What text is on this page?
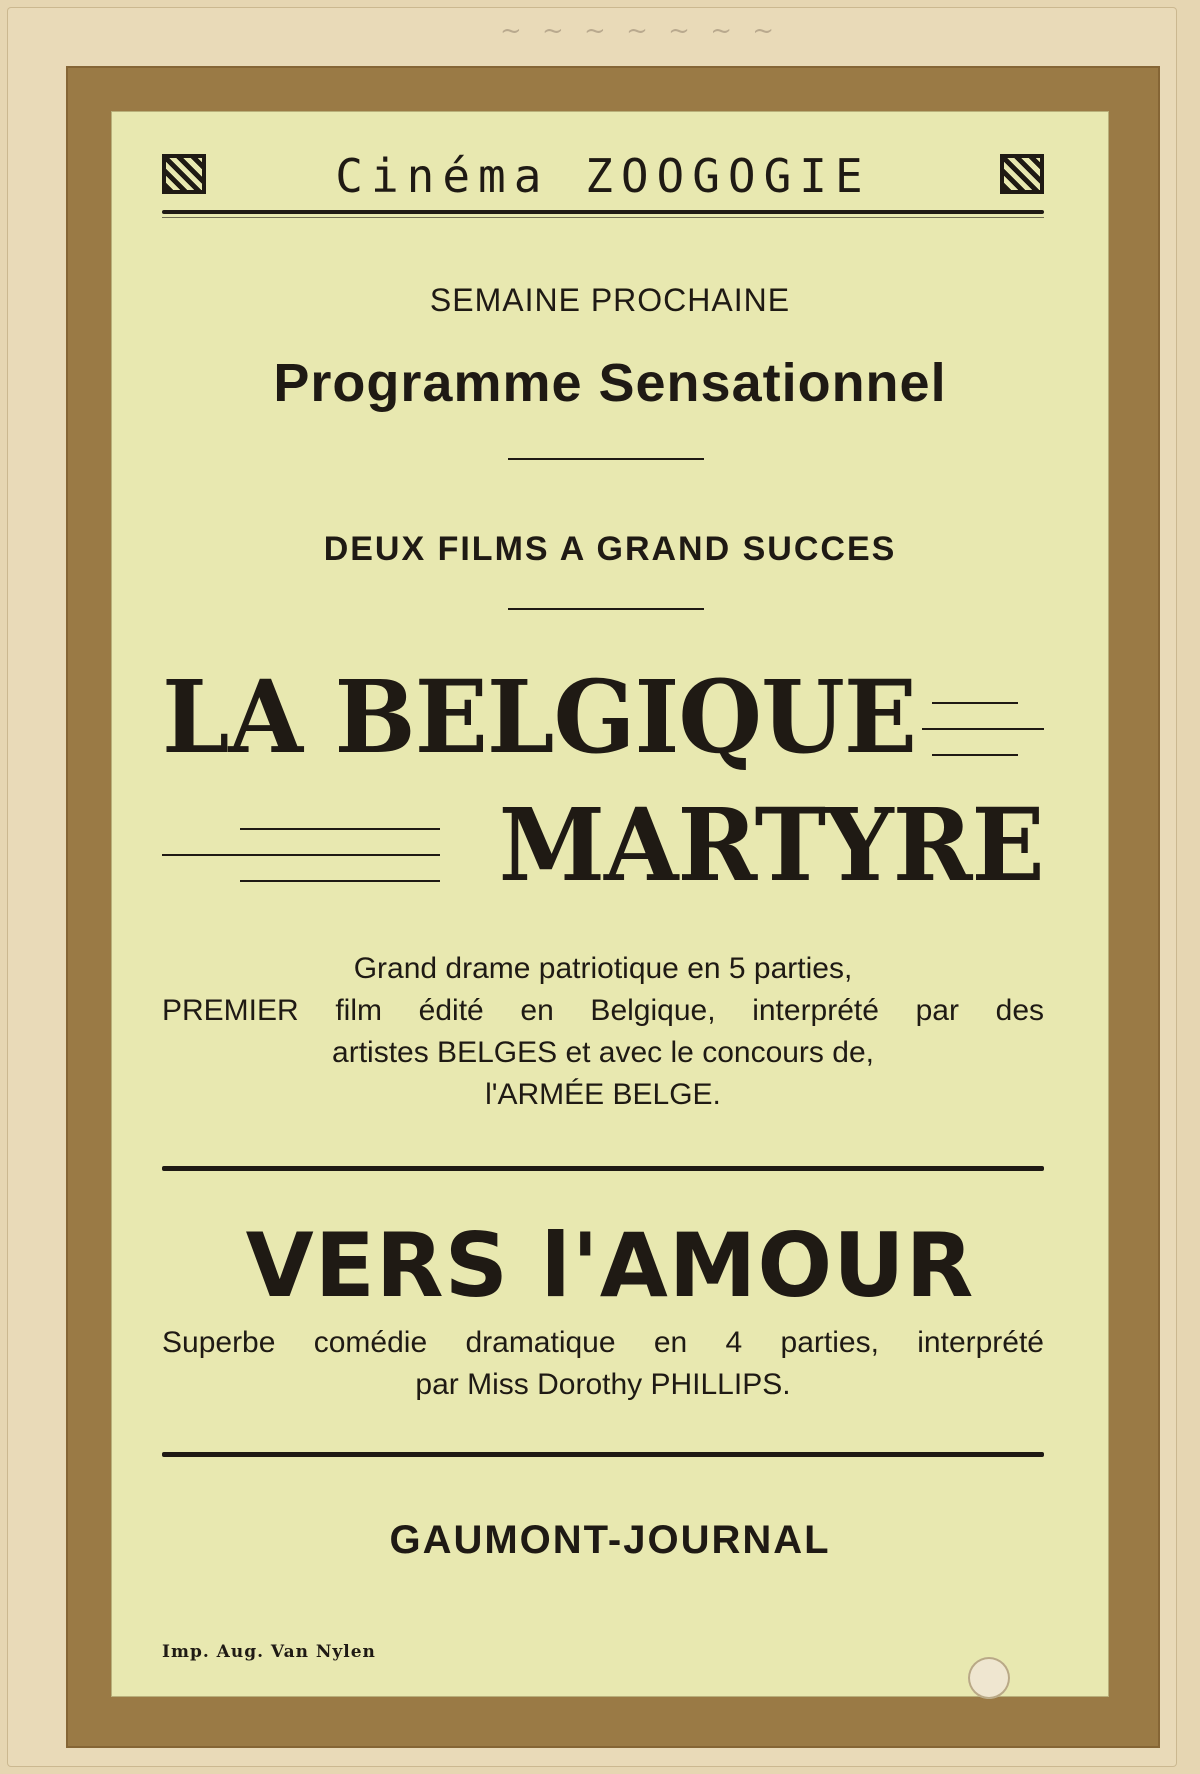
~ ~ ~ ~ ~ ~ ~
Cinéma ZOOGOGIE
SEMAINE PROCHAINE
Programme Sensationnel
DEUX FILMS A GRAND SUCCES
LA BELGIQUE
MARTYRE
Grand drame patriotique en 5 parties,
PREMIER film édité en Belgique, interprété par des
artistes BELGES et avec le concours de,
l'ARMÉE BELGE.
VERS l'AMOUR
Superbe comédie dramatique en 4 parties, interprété
par Miss Dorothy PHILLIPS.
GAUMONT-JOURNAL
Imp. Aug. Van Nylen
